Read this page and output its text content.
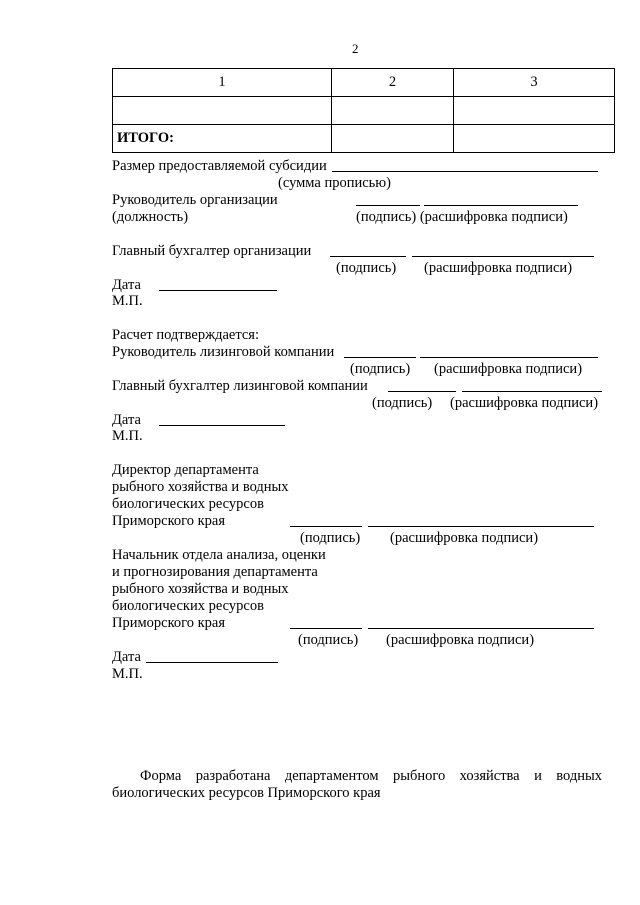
2
1	2	3

ИТОГО:		
Размер предоставляемой субсидии
(сумма прописью)
Руководитель организации
(должность)	(подпись) (расшифровка подписи)
Главный бухгалтер организации
(подпись) (расшифровка подписи)
Дата
М.П.
Расчет подтверждается:
Руководитель лизинговой компании
(подпись) (расшифровка подписи)
Главный бухгалтер лизинговой компании
(подпись) (расшифровка подписи)
Дата
М.П.
Директор департамента
рыбного хозяйства и водных
биологических ресурсов
Приморского края
(подпись) (расшифровка подписи)
Начальник отдела анализа, оценки
и прогнозирования департамента
рыбного хозяйства и водных
биологических ресурсов
Приморского края
(подпись) (расшифровка подписи)
Дата
М.П.
Форма разработана департаментом рыбного хозяйства и водных
биологических ресурсов Приморского края
